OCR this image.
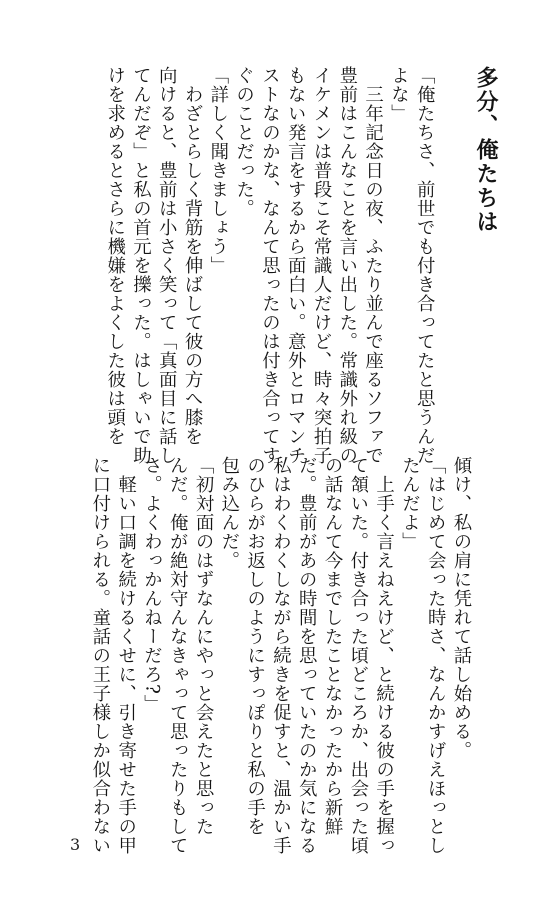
多分、俺たちは
「俺たちさ、前世でも付き合ってたと思うんだ
よな」
　三年記念日の夜、ふたり並んで座るソファで
豊前はこんなことを言い出した。常識外れ級の
イケメンは普段こそ常識人だけど、時々突拍子
もない発言をするから面白い。意外とロマンチ
ストなのかな、なんて思ったのは付き合ってす
ぐのことだった。
「詳しく聞きましょう」
　わざとらしく背筋を伸ばして彼の方へ膝を
向けると、豊前は小さく笑って「真面目に話し
てんだぞ」と私の首元を擽った。はしゃいで助
けを求めるとさらに機嫌をよくした彼は頭を
傾け、私の肩に凭れて話し始める。
「はじめて会った時さ、なんかすげえほっとし
たんだよ」
　上手く言えねえけど、と続ける彼の手を握っ
て頷いた。付き合った頃どころか、出会った頃
の話なんて今までしたことなかったから新鮮
だ。豊前があの時間を思っていたのか気になる
私はわくわくしながら続きを促すと、温かい手
のひらがお返しのようにすっぽりと私の手を
包み込んだ。
「初対面のはずなんにやっと会えたと思った
んだ。俺が絶対守んなきゃって思ったりもして
さ。よくわっかんねーだろ?」
　軽い口調を続けるくせに、引き寄せた手の甲
に口付けられる。童話の王子様しか似合わない
3
